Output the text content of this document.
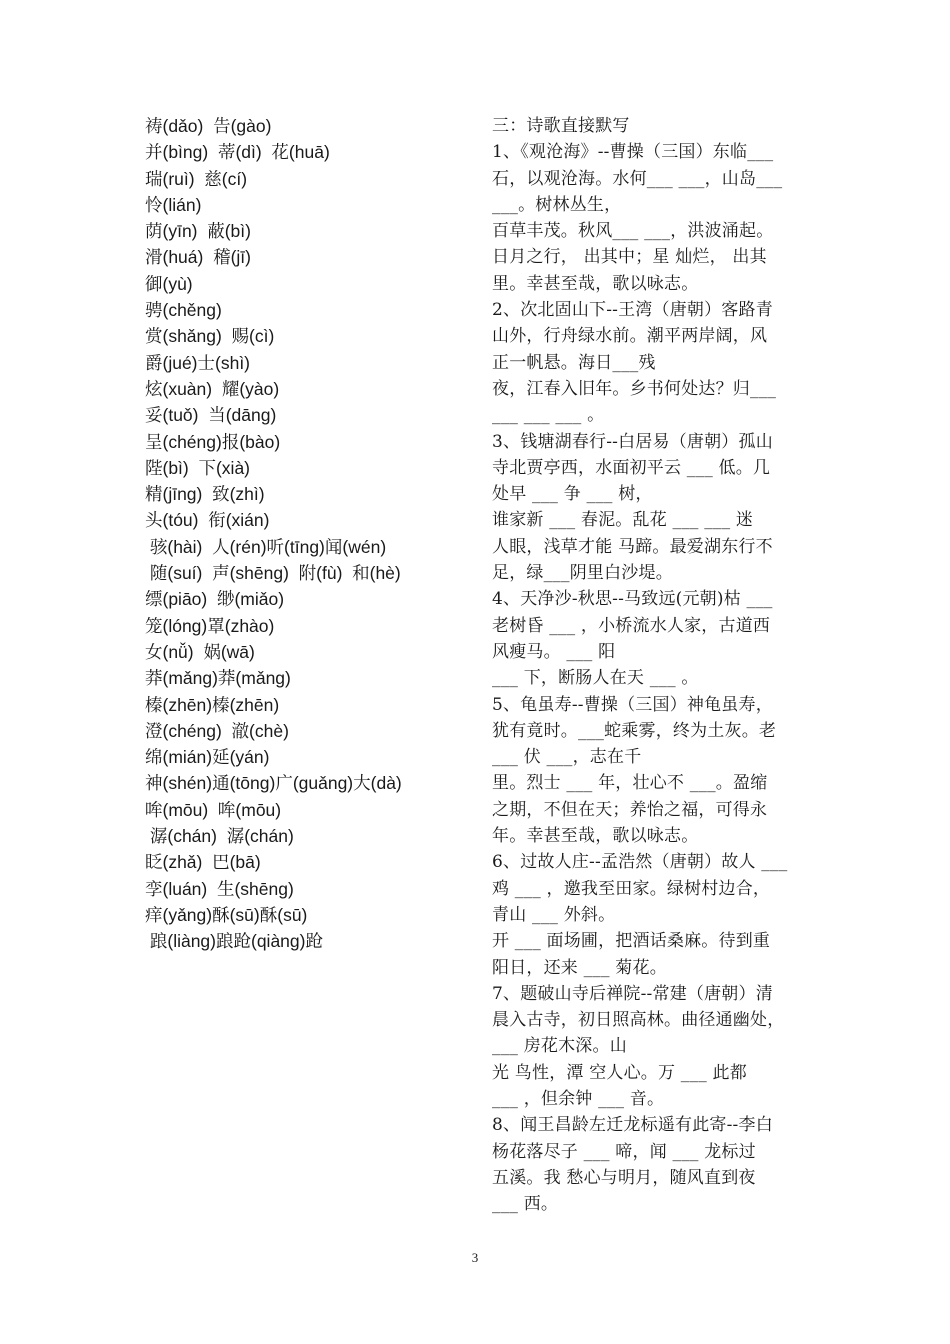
祷(dǎo)  告(gào)
并(bìng)  蒂(dì)  花(huā)
瑞(ruì)  慈(cí)
怜(lián)
荫(yīn)  蔽(bì)
滑(huá)  稽(jī)
御(yù)
骋(chěng)
赏(shǎng)  赐(cì)
爵(jué)士(shì)
炫(xuàn)  耀(yào)
妥(tuǒ)  当(dāng)
呈(chéng)报(bào)
陛(bì)  下(xià)
精(jīng)  致(zhì)
头(tóu)  衔(xián)
骇(hài)  人(rén)听(tīng)闻(wén)
随(suí)  声(shēng)  附(fù)  和(hè)
缥(piāo)  缈(miǎo)
笼(lóng)罩(zhào)
女(nǚ)  娲(wā)
莽(mǎng)莽(mǎng)
榛(zhēn)榛(zhēn)
澄(chéng)  澈(chè)
绵(mián)延(yán)
神(shén)通(tōng)广(guǎng)大(dà)
哞(mōu)  哞(mōu)
潺(chán)  潺(chán)
眨(zhǎ)  巴(bā)
孪(luán)  生(shēng)
痒(yǎng)酥(sū)酥(sū)
踉(liàng)踉跄(qiàng)跄
三：诗歌直接默写
1、《观沧海》--曹操（三国）东临___
石，以观沧海。水何___ ___，山岛___
___。树林丛生，
百草丰茂。秋风___ ___，洪波涌起。
日月之行， 出其中；星 灿烂， 出其
里。幸甚至哉，歌以咏志。
2、次北固山下--王湾（唐朝）客路青
山外，行舟绿水前。潮平两岸阔，风
正一帆悬。海日___残
夜，江春入旧年。乡书何处达？归___
___ ___ ___ 。
3、钱塘湖春行--白居易（唐朝）孤山
寺北贾亭西，水面初平云 ___ 低。几
处早 ___ 争 ___ 树，
谁家新 ___ 春泥。乱花 ___ ___ 迷
人眼，浅草才能 马蹄。最爱湖东行不
足，绿___阴里白沙堤。
4、天净沙-秋思--马致远(元朝)枯 ___
老树昏 ___ ，小桥流水人家，古道西
风瘦马。 ___ 阳
___ 下，断肠人在天 ___ 。
5、龟虽寿--曹操（三国）神龟虽寿，
犹有竟时。___蛇乘雾，终为土灰。老
___ 伏 ___，志在千
里。烈士 ___ 年，壮心不 ___。盈缩
之期，不但在天；养怡之福，可得永
年。幸甚至哉，歌以咏志。
6、过故人庄--孟浩然（唐朝）故人 ___
鸡 ___ ，邀我至田家。绿树村边合，
青山 ___ 外斜。
开 ___ 面场圃，把酒话桑麻。待到重
阳日，还来 ___ 菊花。
7、题破山寺后禅院--常建（唐朝）清
晨入古寺，初日照高林。曲径通幽处，
___ 房花木深。山
光 鸟性，潭 空人心。万 ___ 此都
___ ，但余钟 ___ 音。
8、闻王昌龄左迁龙标遥有此寄--李白
杨花落尽子 ___ 啼，闻 ___ 龙标过
五溪。我 愁心与明月，随风直到夜
___ 西。
3
